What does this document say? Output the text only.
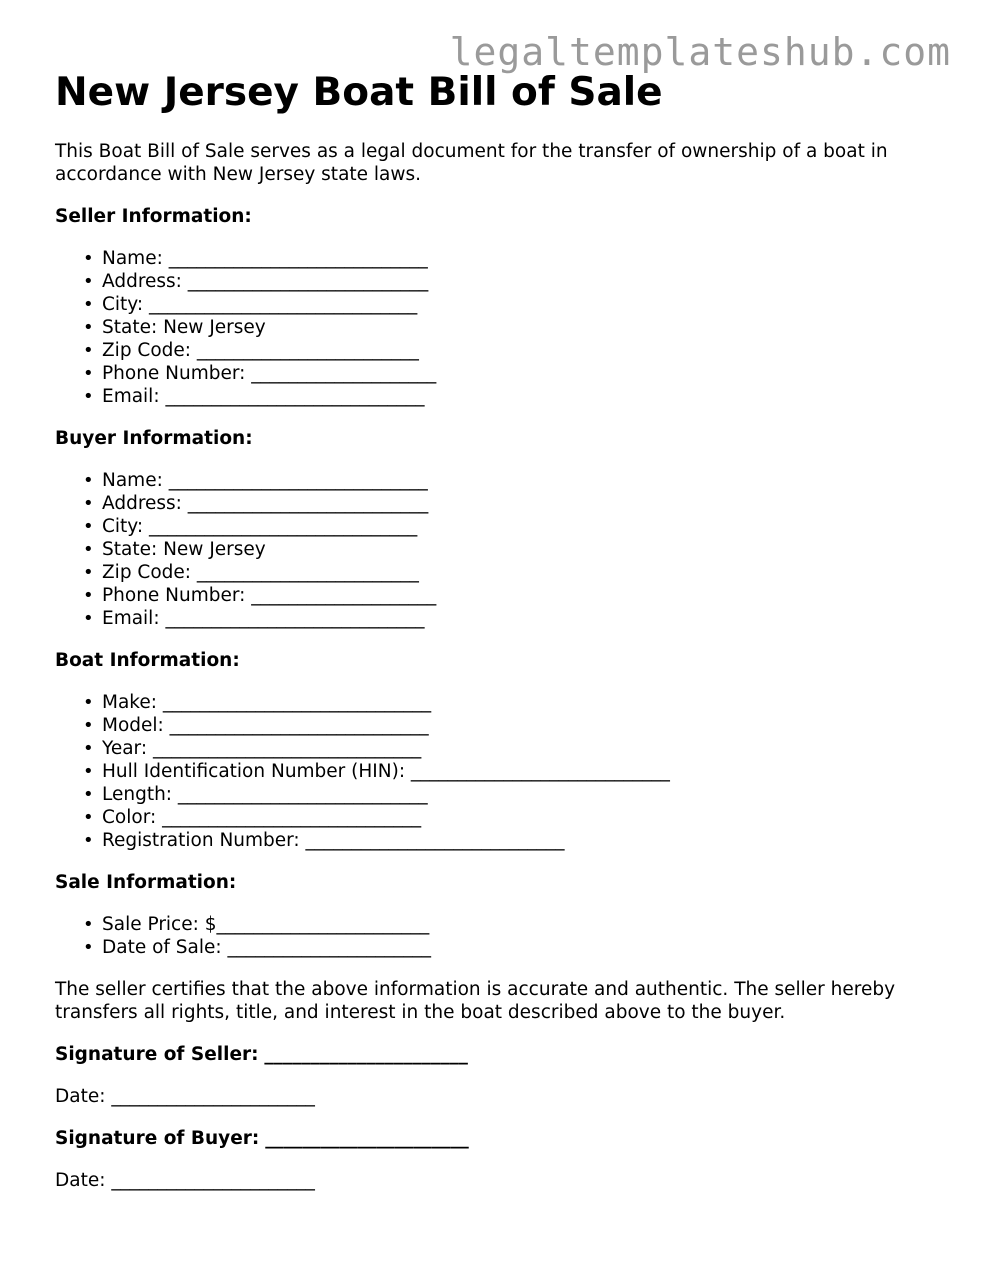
legaltemplateshub.com
New Jersey Boat Bill of Sale

This Boat Bill of Sale serves as a legal document for the transfer of ownership of a boat in accordance with New Jersey state laws.

Seller Information:
• Name: ____________________________
• Address: __________________________
• City: _____________________________
• State: New Jersey
• Zip Code: ________________________
• Phone Number: ____________________
• Email: ____________________________
Buyer Information:
• Name: ____________________________
• Address: __________________________
• City: _____________________________
• State: New Jersey
• Zip Code: ________________________
• Phone Number: ____________________
• Email: ____________________________
Boat Information:
• Make: _____________________________
• Model: ____________________________
• Year: _____________________________
• Hull Identification Number (HIN): ____________________________
• Length: ___________________________
• Color: ____________________________
• Registration Number: ____________________________
Sale Information:
• Sale Price: $_______________________
• Date of Sale: ______________________

The seller certifies that the above information is accurate and authentic. The seller hereby transfers all rights, title, and interest in the boat described above to the buyer.

Signature of Seller: ______________________
Date: ______________________
Signature of Buyer: ______________________
Date: ______________________
